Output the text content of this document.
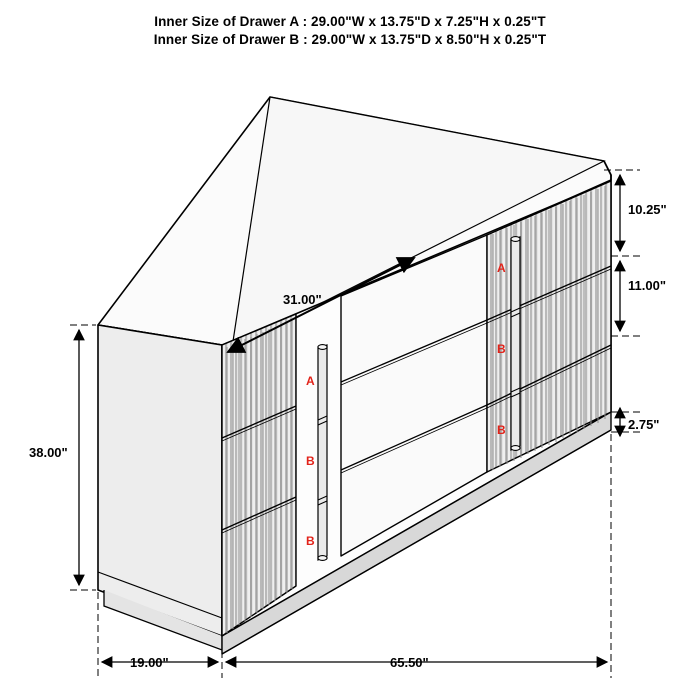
Inner Size of Drawer A : 29.00"W x 13.75"D x 7.25"H x 0.25"T
Inner Size of Drawer B : 29.00"W x 13.75"D x 8.50"H x 0.25"T
10.25"
11.00"
2.75"
31.00"
38.00"
19.00"	65.50"
A
B
B
A
B
B
